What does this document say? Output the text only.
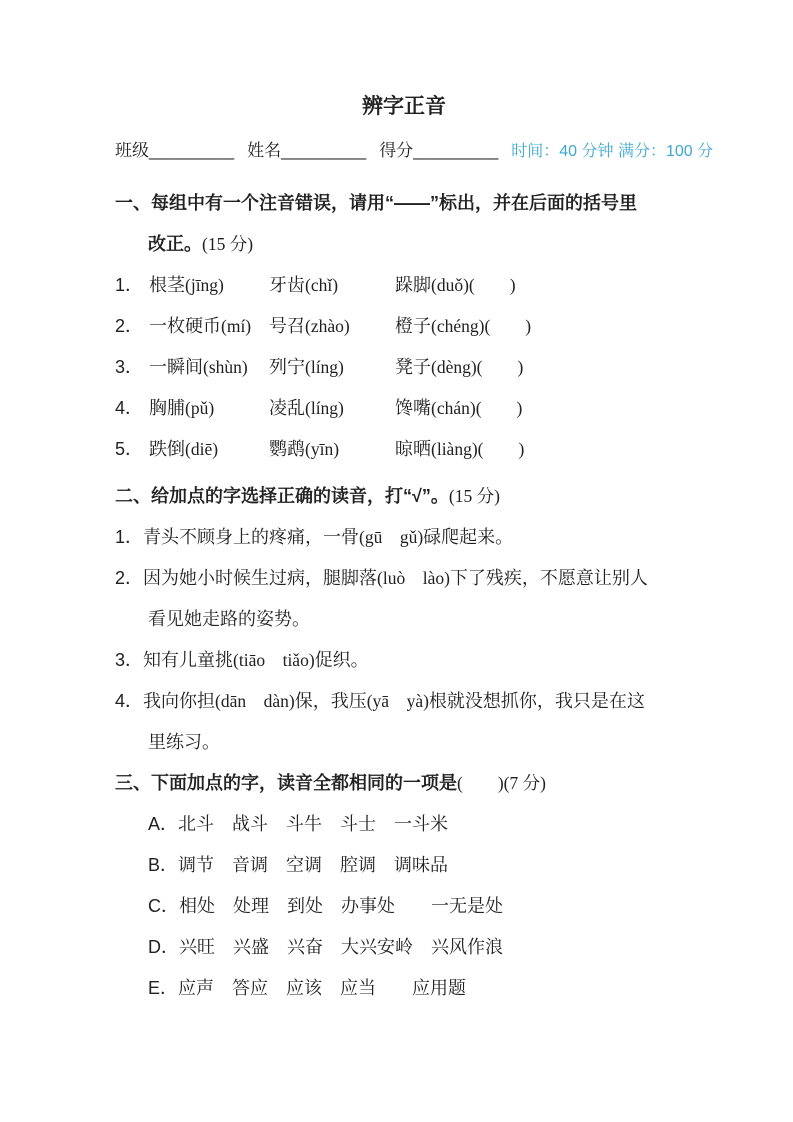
辨字正音
班级_________ 姓名_________ 得分_________ 时间：40 分钟 满分：100 分
一、每组中有一个注音错误，请用“——”标出，并在后面的括号里
改正。(15 分)
1． 根茎(jīng)	牙齿(chǐ)	跺脚(duǒ)(　　)
2． 一枚硬币(mí) 号召(zhào)	橙子(chéng)(　　)
3． 一瞬间(shùn)	列宁(líng)	凳子(dèng)(　　)
4． 胸脯(pǔ)	凌乱(líng)	馋嘴(chán)(　　)
5． 跌倒(diē)	鹦鹉(yīn)	晾晒(liàng)(　　)
二、给加点的字选择正确的读音，打“√”。(15 分)
1．青头不顾身上的疼痛，一骨(gū　gǔ)碌爬起来。
2．因为她小时候生过病，腿脚落(luò　lào)下了残疾，不愿意让别人
看见她走路的姿势。
3．知有儿童挑(tiāo　tiǎo)促织。
4．我向你担(dān　dàn)保，我压(yā　yà)根就没想抓你，我只是在这
里练习。
三、下面加点的字，读音全都相同的一项是(　　)(7 分)
A．北斗　战斗　 斗牛　斗士　一斗米
B．调节　音调　空调　腔调　 调味品
C．相处　 处理　到处　办事处　　一无是处
D．兴旺　兴盛　兴奋　大兴安岭　兴风作浪
E．应声　答应　 应该　应当　　应用题
